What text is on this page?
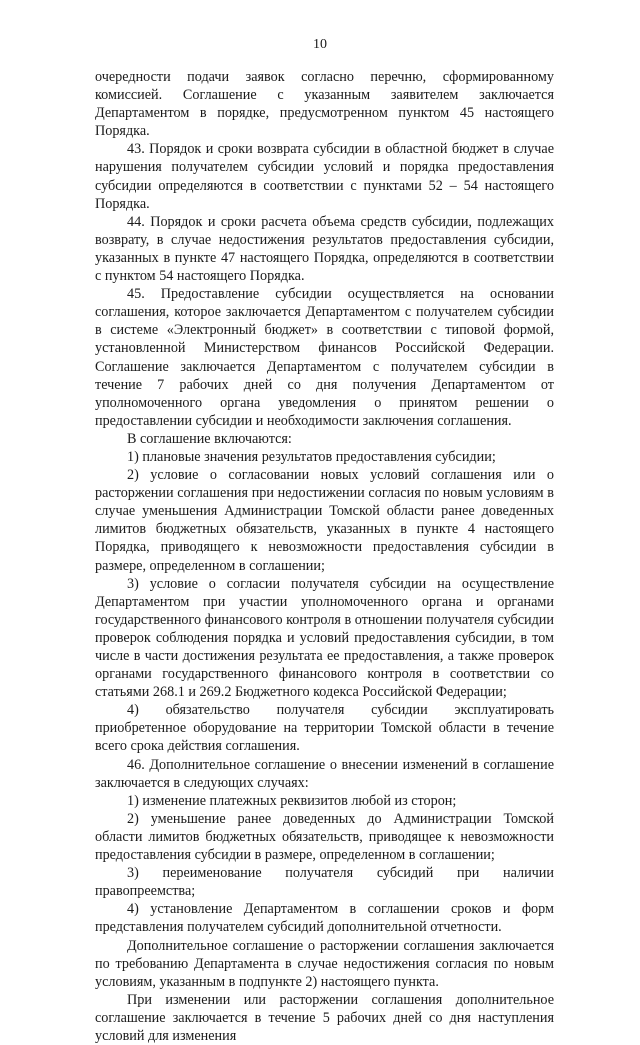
10

очередности подачи заявок согласно перечню, сформированному комиссией. Соглашение с указанным заявителем заключается Департаментом в порядке, предусмотренном пунктом 45 настоящего Порядка.

43. Порядок и сроки возврата субсидии в областной бюджет в случае нарушения получателем субсидии условий и порядка предоставления субсидии определяются в соответствии с пунктами 52 – 54 настоящего Порядка.

44. Порядок и сроки расчета объема средств субсидии, подлежащих возврату, в случае недостижения результатов предоставления субсидии, указанных в пункте 47 настоящего Порядка, определяются в соответствии с пунктом 54 настоящего Порядка.

45. Предоставление субсидии осуществляется на основании соглашения, которое заключается Департаментом с получателем субсидии в системе «Электронный бюджет» в соответствии с типовой формой, установленной Министерством финансов Российской Федерации. Соглашение заключается Департаментом с получателем субсидии в течение 7 рабочих дней со дня получения Департаментом от уполномоченного органа уведомления о принятом решении о предоставлении субсидии и необходимости заключения соглашения.

В соглашение включаются:

1) плановые значения результатов предоставления субсидии;

2) условие о согласовании новых условий соглашения или о расторжении соглашения при недостижении согласия по новым условиям в случае уменьшения Администрации Томской области ранее доведенных лимитов бюджетных обязательств, указанных в пункте 4 настоящего Порядка, приводящего к невозможности предоставления субсидии в размере, определенном в соглашении;

3) условие о согласии получателя субсидии на осуществление Департаментом при участии уполномоченного органа и органами государственного финансового контроля в отношении получателя субсидии проверок соблюдения порядка и условий предоставления субсидии, в том числе в части достижения результата ее предоставления, а также проверок органами государственного финансового контроля в соответствии со статьями 268.1 и 269.2 Бюджетного кодекса Российской Федерации;

4) обязательство получателя субсидии эксплуатировать приобретенное оборудование на территории Томской области в течение всего срока действия соглашения.

46. Дополнительное соглашение о внесении изменений в соглашение заключается в следующих случаях:

1) изменение платежных реквизитов любой из сторон;

2) уменьшение ранее доведенных до Администрации Томской области лимитов бюджетных обязательств, приводящее к невозможности предоставления субсидии в размере, определенном в соглашении;

3) переименование получателя субсидий при наличии правопреемства;

4) установление Департаментом в соглашении сроков и форм представления получателем субсидий дополнительной отчетности.

Дополнительное соглашение о расторжении соглашения заключается по требованию Департамента в случае недостижения согласия по новым условиям, указанным в подпункте 2) настоящего пункта.

При изменении или расторжении соглашения дополнительное соглашение заключается в течение 5 рабочих дней со дня наступления условий для изменения
